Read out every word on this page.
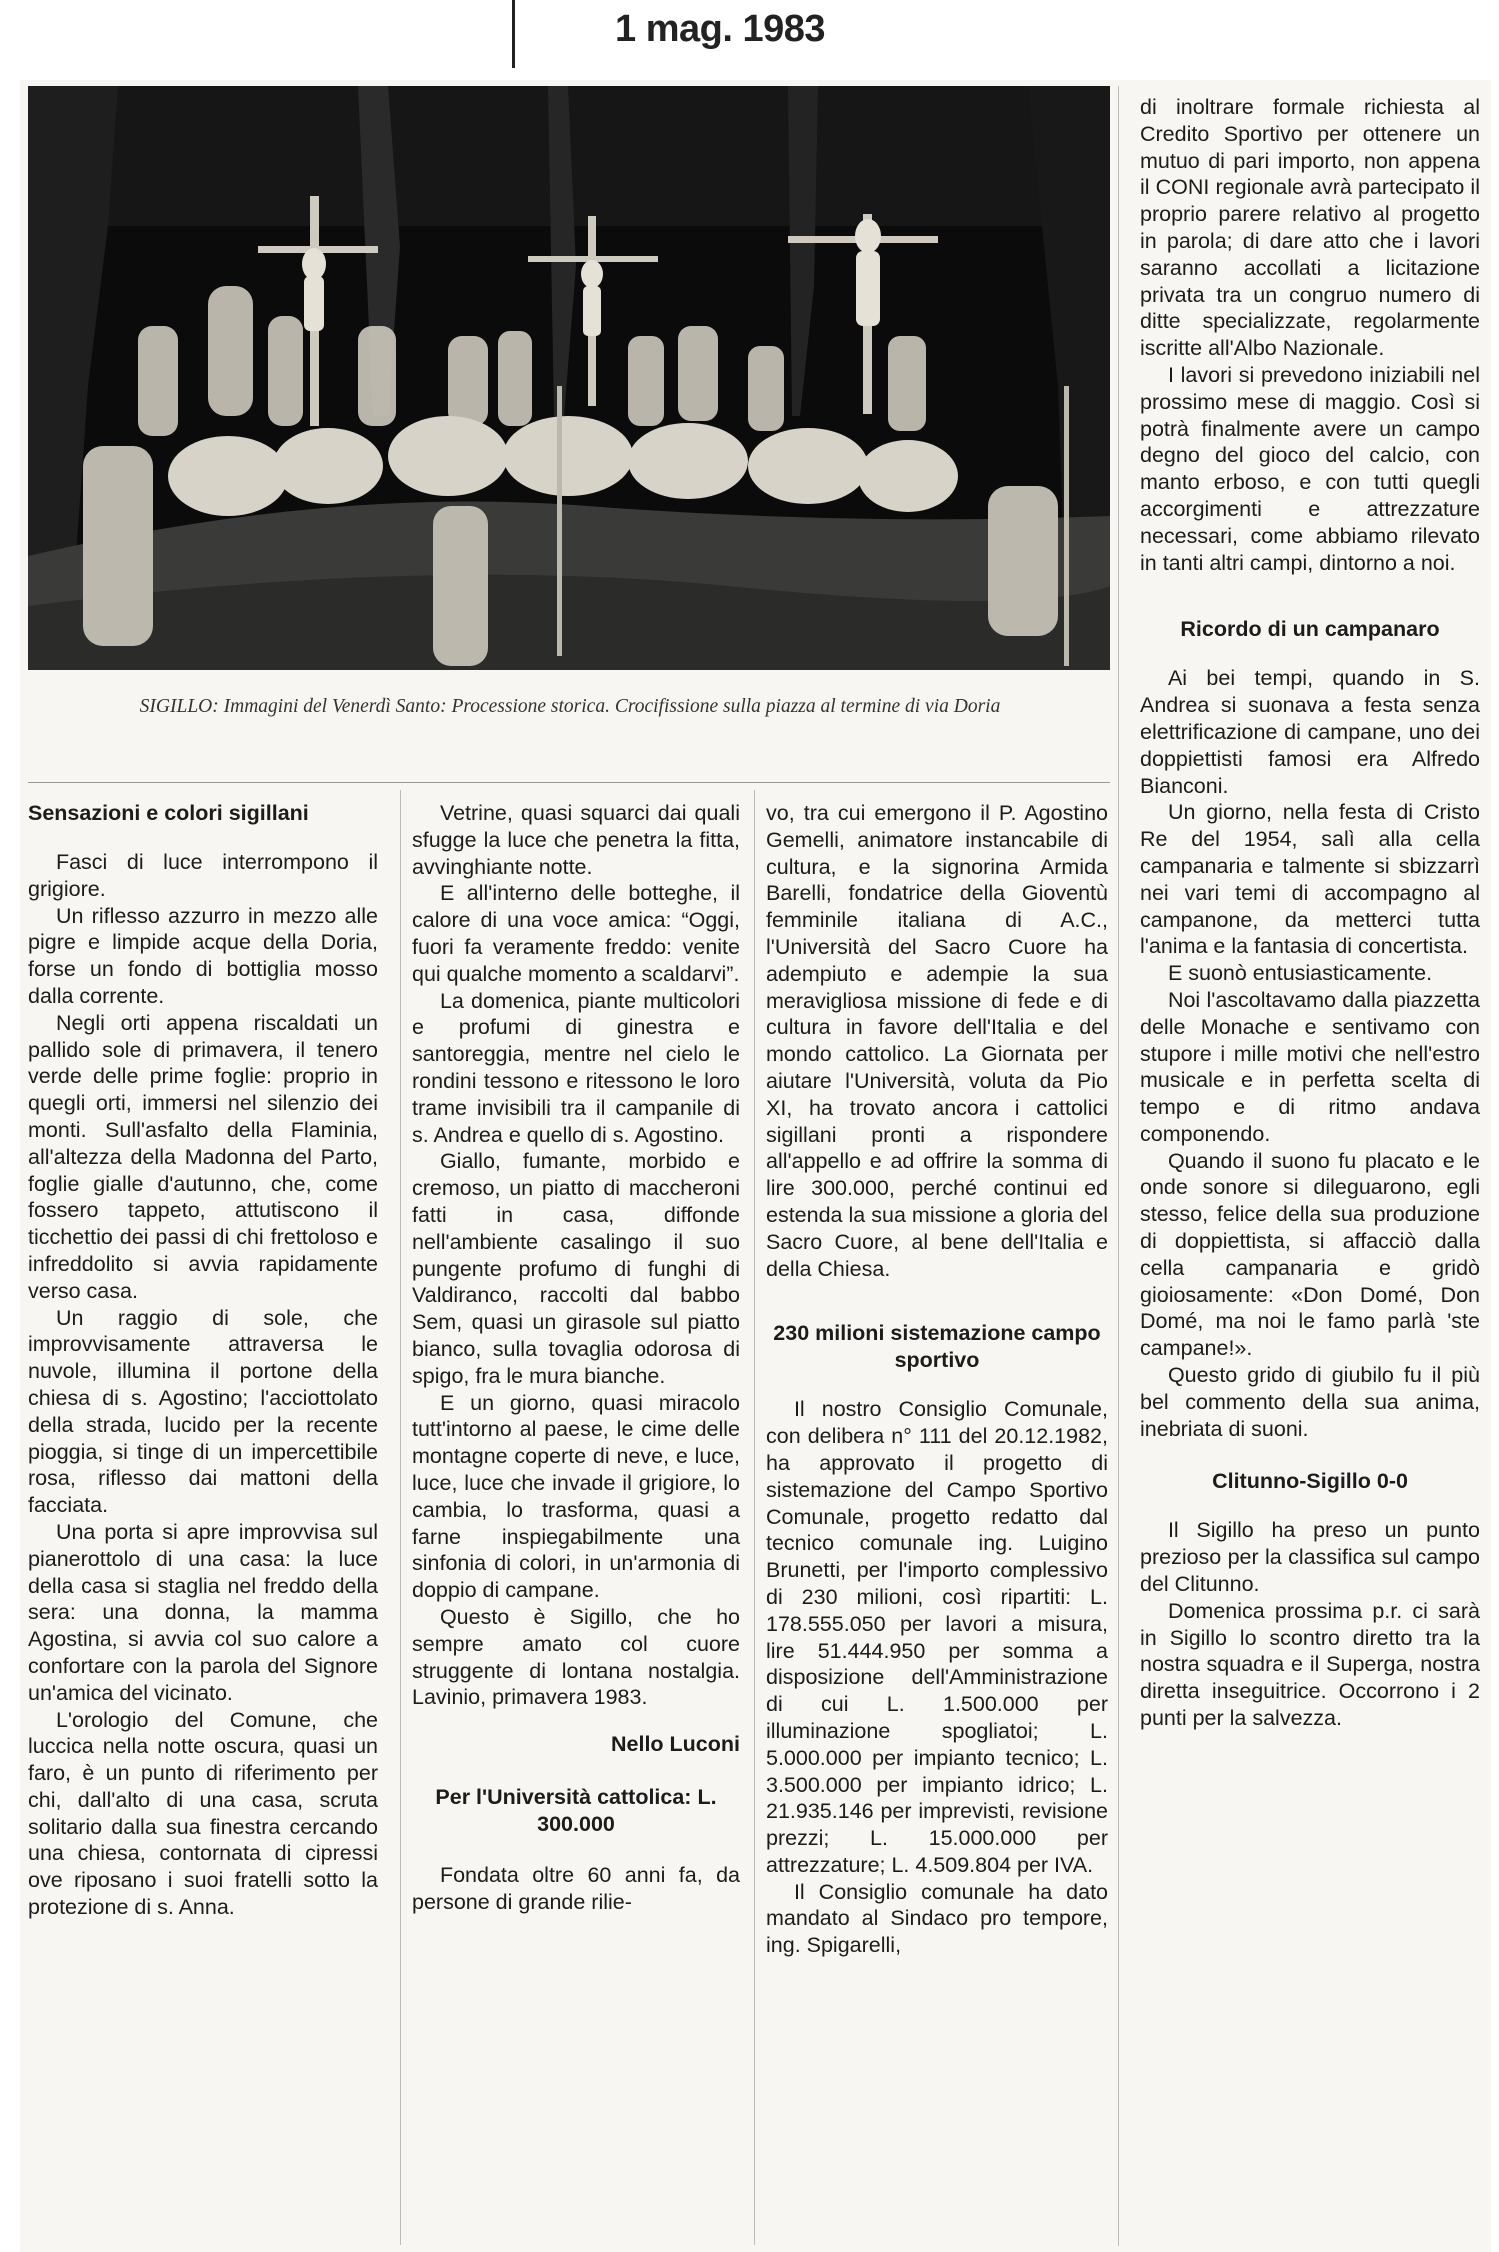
1 mag. 1983
SIGILLO: Immagini del Venerdì Santo: Processione storica. Crocifissione sulla piazza al termine di via Doria
Sensazioni e colori sigillani

Fasci di luce interrompono il grigiore.

Un riflesso azzurro in mezzo alle pigre e limpide acque della Doria, forse un fondo di bottiglia mosso dalla corrente.

Negli orti appena riscaldati un pallido sole di primavera, il tenero verde delle prime foglie: proprio in quegli orti, immersi nel silenzio dei monti. Sull'asfalto della Flaminia, all'altezza della Madonna del Parto, foglie gialle d'autunno, che, come fossero tappeto, attutiscono il ticchettio dei passi di chi frettoloso e infreddolito si avvia rapidamente verso casa.

Un raggio di sole, che improvvisamente attraversa le nuvole, illumina il portone della chiesa di s. Agostino; l'acciottolato della strada, lucido per la recente pioggia, si tinge di un impercettibile rosa, riflesso dai mattoni della facciata.

Una porta si apre improvvisa sul pianerottolo di una casa: la luce della casa si staglia nel freddo della sera: una donna, la mamma Agostina, si avvia col suo calore a confortare con la parola del Signore un'amica del vicinato.

L'orologio del Comune, che luccica nella notte oscura, quasi un faro, è un punto di riferimento per chi, dall'alto di una casa, scruta solitario dalla sua finestra cercando una chiesa, contornata di cipressi ove riposano i suoi fratelli sotto la protezione di s. Anna.

Vetrine, quasi squarci dai quali sfugge la luce che penetra la fitta, avvinghiante notte.

E all'interno delle botteghe, il calore di una voce amica: “Oggi, fuori fa veramente freddo: venite qui qualche momento a scaldarvi”.

La domenica, piante multicolori e profumi di ginestra e santoreggia, mentre nel cielo le rondini tessono e ritessono le loro trame invisibili tra il campanile di s. Andrea e quello di s. Agostino.

Giallo, fumante, morbido e cremoso, un piatto di maccheroni fatti in casa, diffonde nell'ambiente casalingo il suo pungente profumo di funghi di Valdiranco, raccolti dal babbo Sem, quasi un girasole sul piatto bianco, sulla tovaglia odorosa di spigo, fra le mura bianche.

E un giorno, quasi miracolo tutt'intorno al paese, le cime delle montagne coperte di neve, e luce, luce, luce che invade il grigiore, lo cambia, lo trasforma, quasi a farne inspiegabilmente una sinfonia di colori, in un'armonia di doppio di campane.

Questo è Sigillo, che ho sempre amato col cuore struggente di lontana nostalgia. Lavinio, primavera 1983.

Nello Luconi

Per l'Università cattolica: L. 300.000

Fondata oltre 60 anni fa, da persone di grande rilie-

vo, tra cui emergono il P. Agostino Gemelli, animatore instancabile di cultura, e la signorina Armida Barelli, fondatrice della Gioventù femminile italiana di A.C., l'Università del Sacro Cuore ha adempiuto e adempie la sua meravigliosa missione di fede e di cultura in favore dell'Italia e del mondo cattolico. La Giornata per aiutare l'Università, voluta da Pio XI, ha trovato ancora i cattolici sigillani pronti a rispondere all'appello e ad offrire la somma di lire 300.000, perché continui ed estenda la sua missione a gloria del Sacro Cuore, al bene dell'Italia e della Chiesa.

230 milioni sistemazione campo sportivo

Il nostro Consiglio Comunale, con delibera n° 111 del 20.12.1982, ha approvato il progetto di sistemazione del Campo Sportivo Comunale, progetto redatto dal tecnico comunale ing. Luigino Brunetti, per l'importo complessivo di 230 milioni, così ripartiti: L. 178.555.050 per lavori a misura, lire 51.444.950 per somma a disposizione dell'Amministrazione di cui L. 1.500.000 per illuminazione spogliatoi; L. 5.000.000 per impianto tecnico; L. 3.500.000 per impianto idrico; L. 21.935.146 per imprevisti, revisione prezzi; L. 15.000.000 per attrezzature; L. 4.509.804 per IVA.

Il Consiglio comunale ha dato mandato al Sindaco pro tempore, ing. Spigarelli,

di inoltrare formale richiesta al Credito Sportivo per ottenere un mutuo di pari importo, non appena il CONI regionale avrà partecipato il proprio parere relativo al progetto in parola; di dare atto che i lavori saranno accollati a licitazione privata tra un congruo numero di ditte specializzate, regolarmente iscritte all'Albo Nazionale.

I lavori si prevedono iniziabili nel prossimo mese di maggio. Così si potrà finalmente avere un campo degno del gioco del calcio, con manto erboso, e con tutti quegli accorgimenti e attrezzature necessari, come abbiamo rilevato in tanti altri campi, dintorno a noi.

Ricordo di un campanaro

Ai bei tempi, quando in S. Andrea si suonava a festa senza elettrificazione di campane, uno dei doppiettisti famosi era Alfredo Bianconi.

Un giorno, nella festa di Cristo Re del 1954, salì alla cella campanaria e talmente si sbizzarrì nei vari temi di accompagno al campanone, da metterci tutta l'anima e la fantasia di concertista.

E suonò entusiasticamente.

Noi l'ascoltavamo dalla piazzetta delle Monache e sentivamo con stupore i mille motivi che nell'estro musicale e in perfetta scelta di tempo e di ritmo andava componendo.

Quando il suono fu placato e le onde sonore si dileguarono, egli stesso, felice della sua produzione di doppiettista, si affacciò dalla cella campanaria e gridò gioiosamente: «Don Domé, Don Domé, ma noi le famo parlà 'ste campane!».

Questo grido di giubilo fu il più bel commento della sua anima, inebriata di suoni.

Clitunno-Sigillo 0-0

Il Sigillo ha preso un punto prezioso per la classifica sul campo del Clitunno.

Domenica prossima p.r. ci sarà in Sigillo lo scontro diretto tra la nostra squadra e il Superga, nostra diretta inseguitrice. Occorrono i 2 punti per la salvezza.
